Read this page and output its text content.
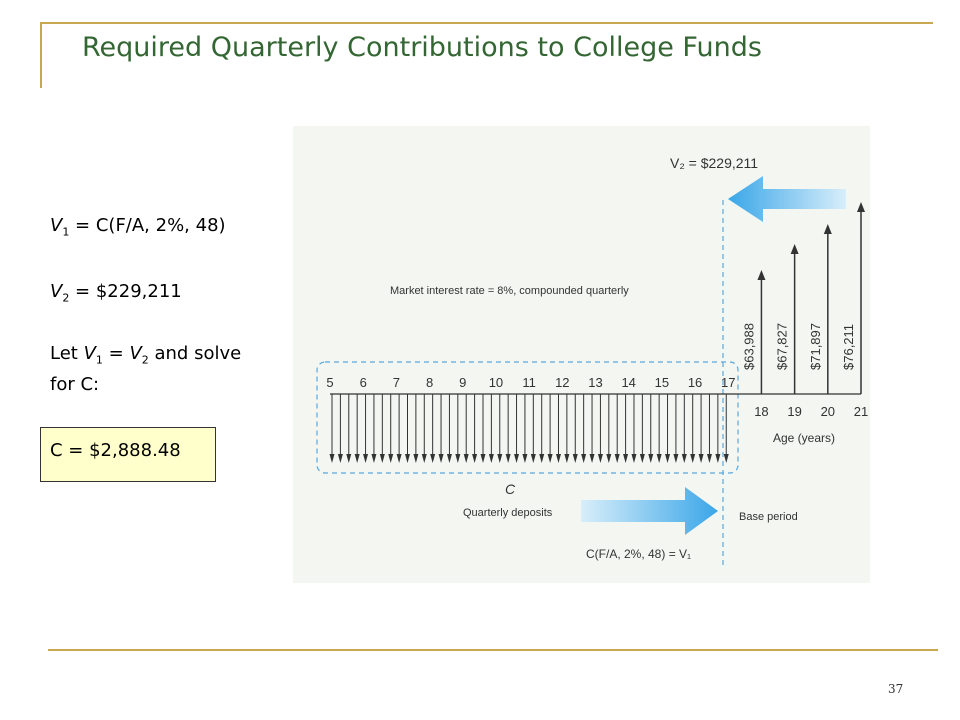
Required Quarterly Contributions to College Funds
$V_1 = C(F/A$, 2%, 48)
$V_2$ = $229,211
Let $V_1 = V_2$ and solve
for C:
C = $2,888.48
V₂ = $229,211
Market interest rate = 8%, compounded quarterly
5 6 7 8 9 10 11 12 13 14 15 16 17
18 19 20 21
$63,988 $67,827 $71,897 $76,211
Age (years)
C
Quarterly deposits	Base period
C(F/A, 2%, 48) = V₁
37
